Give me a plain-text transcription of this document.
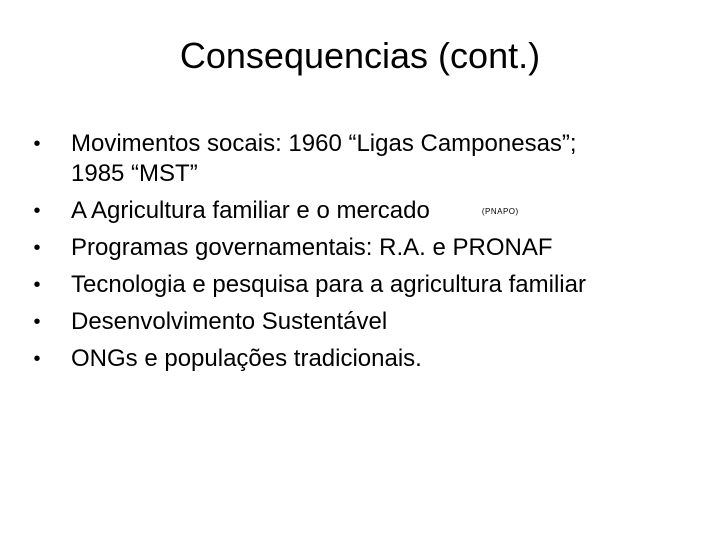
Consequencias (cont.)
• Movimentos socais: 1960 “Ligas Camponesas”;
1985 “MST”
• A Agricultura familiar e o mercado	(PNAPO)
• Programas governamentais: R.A. e PRONAF
• Tecnologia e pesquisa para a agricultura familiar
• Desenvolvimento Sustentável
• ONGs e populações tradicionais.
